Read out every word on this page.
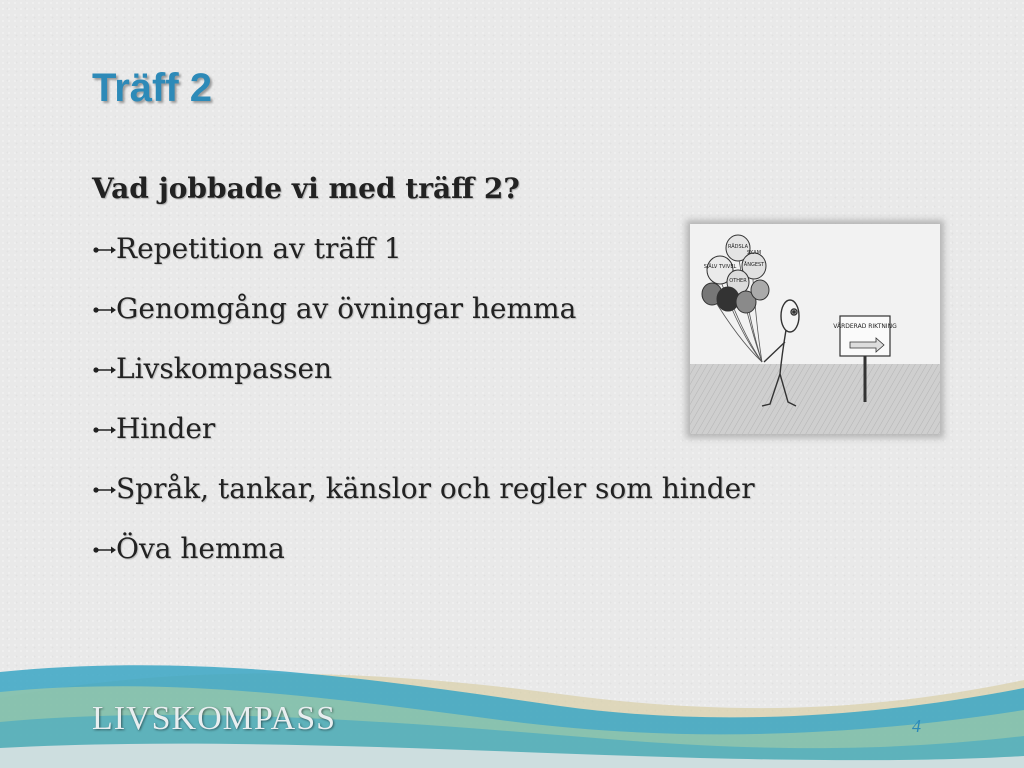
Träff 2
Vad jobbade vi med träff 2?
Repetition av träff 1
Genomgång av övningar hemma
Livskompassen
Hinder
Språk, tankar, känslor och regler som hinder
Öva hemma
SJÄLV TVIVEL
RÄDSLA
ÅNGEST
OTHER
SKAM
VÄRDERAD RIKTNING
LIVSKOMPASS	4
